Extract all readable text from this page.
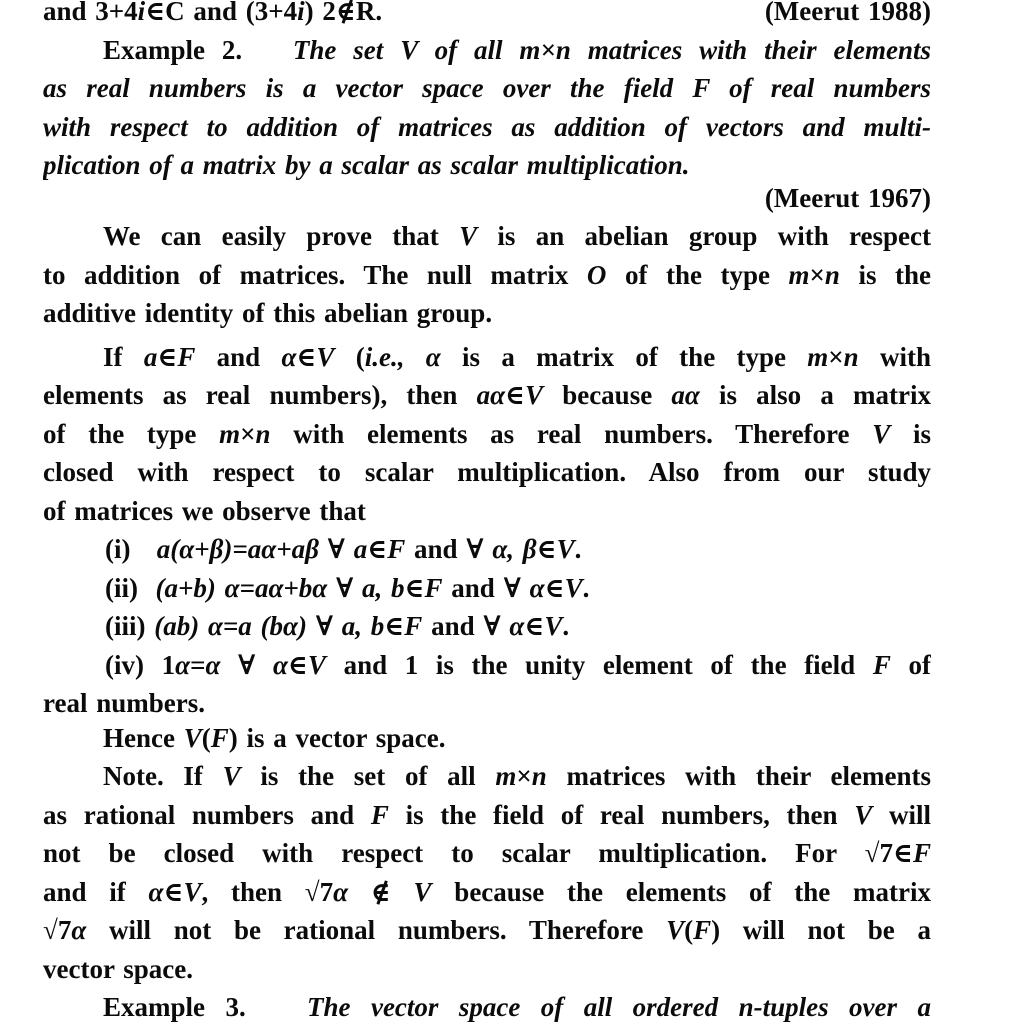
and 3+4i∈C and (3+4i) 2∉R.	(Meerut 1988)
Example 2.   The set V of all m×n matrices with their elements
as real numbers is a vector space over the field F of real numbers
with respect to addition of matrices as addition of vectors and multi-
plication of a matrix by a scalar as scalar multiplication.
(Meerut 1967)
We can easily prove that V is an abelian group with respect
to addition of matrices. The null matrix O of the type m×n is the
additive identity of this abelian group.
If a∈F and α∈V (i.e., α is a matrix of the type m×n with
elements as real numbers), then aα∈V because aα is also a matrix
of the type m×n with elements as real numbers. Therefore V is
closed with respect to scalar multiplication. Also from our study
of matrices we observe that
(i)   a(α+β)=aα+aβ ∀ a∈F and ∀ α, β∈V.
(ii)  (a+b) α=aα+bα ∀ a, b∈F and ∀ α∈V.
(iii) (ab) α=a (bα) ∀ a, b∈F and ∀ α∈V.
(iv) 1α=α ∀ α∈V and 1 is the unity element of the field F of
real numbers.
Hence V(F) is a vector space.
Note. If V is the set of all m×n matrices with their elements
as rational numbers and F is the field of real numbers, then V will
not be closed with respect to scalar multiplication. For √7∈F
and if α∈V, then √7α ∉ V because the elements of the matrix
√7α will not be rational numbers. Therefore V(F) will not be a
vector space.
Example 3.   The vector space of all ordered n-tuples over a
